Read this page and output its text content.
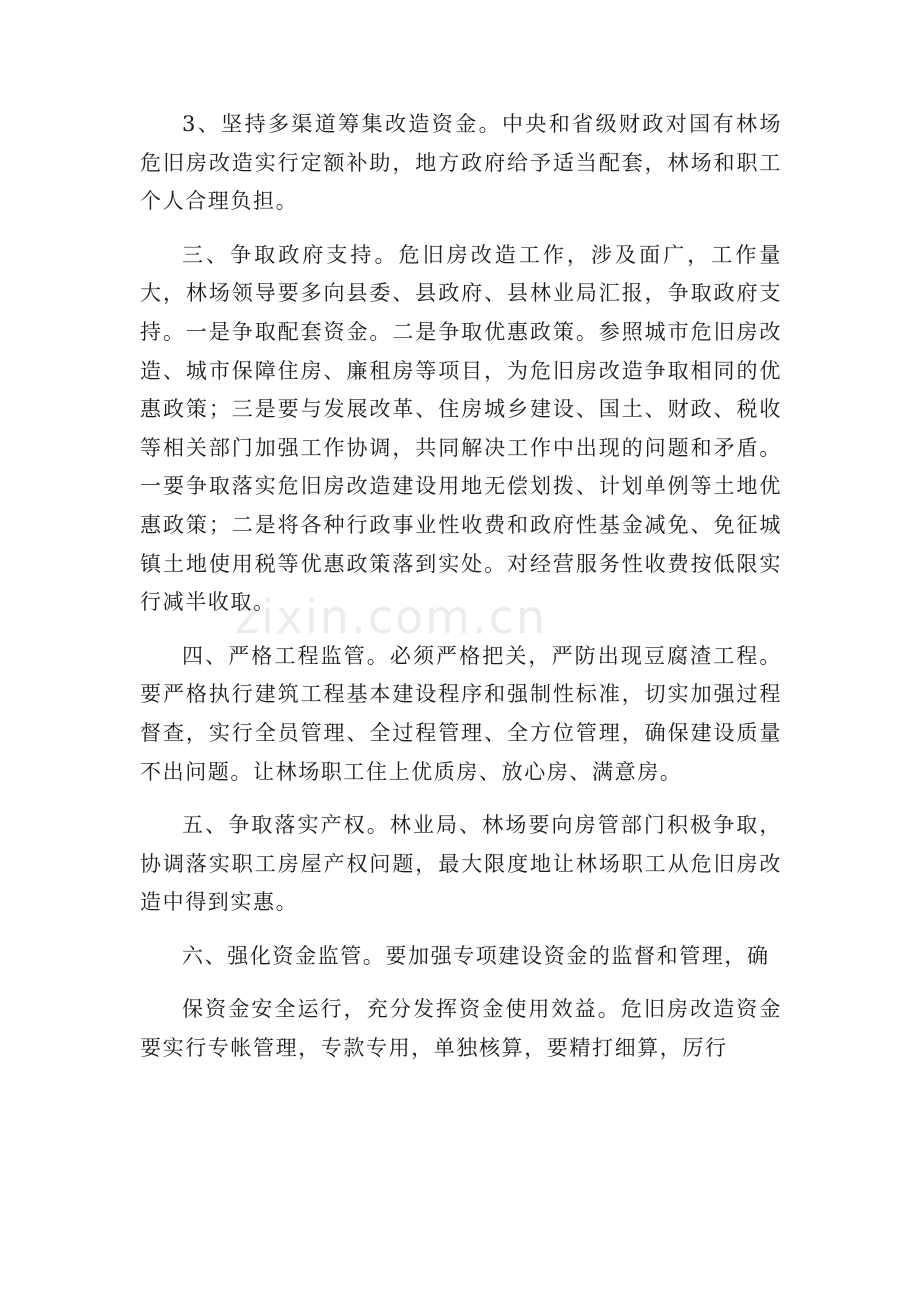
3、坚持多渠道筹集改造资金。中央和省级财政对国有林场危旧房改造实行定额补助，地方政府给予适当配套，林场和职工个人合理负担。

三、争取政府支持。危旧房改造工作，涉及面广，工作量大，林场领导要多向县委、县政府、县林业局汇报，争取政府支持。一是争取配套资金。二是争取优惠政策。参照城市危旧房改造、城市保障住房、廉租房等项目，为危旧房改造争取相同的优惠政策；三是要与发展改革、住房城乡建设、国土、财政、税收等相关部门加强工作协调，共同解决工作中出现的问题和矛盾。一要争取落实危旧房改造建设用地无偿划拨、计划单例等土地优惠政策；二是将各种行政事业性收费和政府性基金减免、免征城镇土地使用税等优惠政策落到实处。对经营服务性收费按低限实行减半收取。

四、严格工程监管。必须严格把关，严防出现豆腐渣工程。要严格执行建筑工程基本建设程序和强制性标准，切实加强过程督查，实行全员管理、全过程管理、全方位管理，确保建设质量不出问题。让林场职工住上优质房、放心房、满意房。

五、争取落实产权。林业局、林场要向房管部门积极争取，协调落实职工房屋产权问题，最大限度地让林场职工从危旧房改造中得到实惠。

六、强化资金监管。要加强专项建设资金的监督和管理，确

保资金安全运行，充分发挥资金使用效益。危旧房改造资金要实行专帐管理，专款专用，单独核算，要精打细算，厉行

zixin.com.cn
